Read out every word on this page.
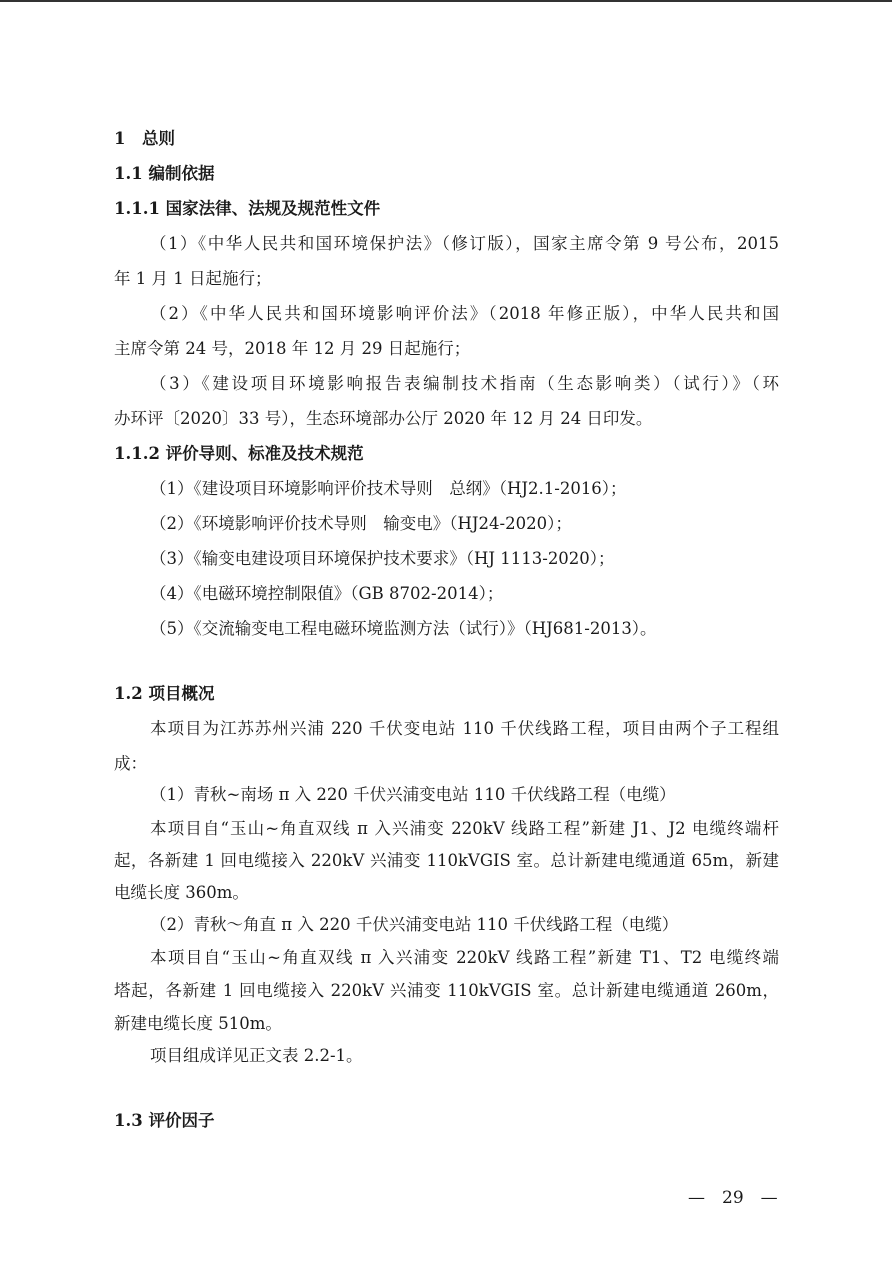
1　总则
1.1 编制依据
1.1.1 国家法律、法规及规范性文件
（1）《中华人民共和国环境保护法》（修订版），国家主席令第 9 号公布，2015
年 1 月 1 日起施行；
（2）《中华人民共和国环境影响评价法》（2018 年修正版），中华人民共和国
主席令第 24 号，2018 年 12 月 29 日起施行；
（3）《建设项目环境影响报告表编制技术指南（生态影响类）（试行）》（环
办环评〔2020〕33 号），生态环境部办公厅 2020 年 12 月 24 日印发。
1.1.2 评价导则、标准及技术规范
（1）《建设项目环境影响评价技术导则　总纲》（HJ2.1-2016）；
（2）《环境影响评价技术导则　输变电》（HJ24-2020）；
（3）《输变电建设项目环境保护技术要求》（HJ 1113-2020）；
（4）《电磁环境控制限值》（GB 8702-2014）；
（5）《交流输变电工程电磁环境监测方法（试行）》（HJ681-2013）。
1.2 项目概况
本项目为江苏苏州兴浦 220 千伏变电站 110 千伏线路工程，项目由两个子工程组
成：
（1）青秋~南场 π 入 220 千伏兴浦变电站 110 千伏线路工程（电缆）
本项目自“玉山~角直双线 π 入兴浦变 220kV 线路工程”新建 J1、J2 电缆终端杆
起，各新建 1 回电缆接入 220kV 兴浦变 110kVGIS 室。总计新建电缆通道 65m，新建
电缆长度 360m。
（2）青秋～角直 π 入 220 千伏兴浦变电站 110 千伏线路工程（电缆）
本项目自“玉山~角直双线 π 入兴浦变 220kV 线路工程”新建 T1、T2 电缆终端
塔起，各新建 1 回电缆接入 220kV 兴浦变 110kVGIS 室。总计新建电缆通道 260m，
新建电缆长度 510m。
项目组成详见正文表 2.2-1。
1.3 评价因子
—　29　—
